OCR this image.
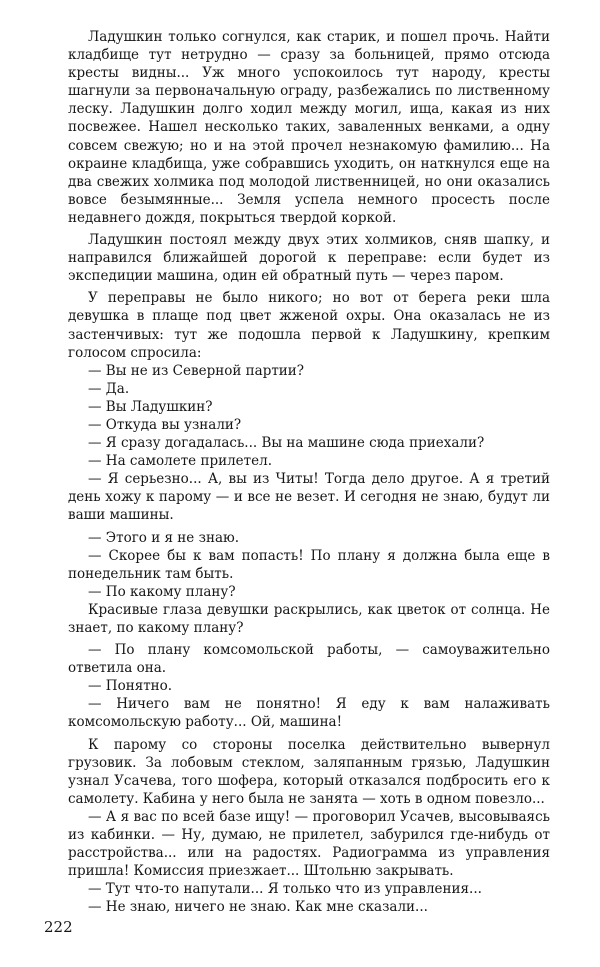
Ладушкин только согнулся, как старик, и пошел прочь. Найти кладбище тут нетрудно — сразу за больницей, прямо отсюда кресты видны... Уж много успокоилось тут народу, кресты шагнули за первоначальную ограду, разбежались по лиственному леску. Ладушкин долго ходил между могил, ища, какая из них посвежее. Нашел несколько таких, заваленных венками, а одну совсем свежую; но и на этой прочел незнакомую фамилию... На окраине кладбища, уже собравшись уходить, он наткнулся еще на два свежих холмика под молодой лиственницей, но они оказались вовсе безымянные... Земля успела немного просесть после недавнего дождя, покрыться твердой коркой.

Ладушкин постоял между двух этих холмиков, сняв шапку, и направился ближайшей дорогой к переправе: если будет из экспедиции машина, один ей обратный путь — через паром.

У переправы не было никого; но вот от берега реки шла девушка в плаще под цвет жженой охры. Она оказалась не из застенчивых: тут же подошла первой к Ладушкину, крепким голосом спросила:

— Вы не из Северной партии?

— Да.

— Вы Ладушкин?

— Откуда вы узнали?

— Я сразу догадалась... Вы на машине сюда приехали?

— На самолете прилетел.

— Я серьезно... А, вы из Читы! Тогда дело другое. А я третий день хожу к парому — и все не везет. И сегодня не знаю, будут ли ваши машины.

— Этого и я не знаю.

— Скорее бы к вам попасть! По плану я должна была еще в понедельник там быть.

— По какому плану?

Красивые глаза девушки раскрылись, как цветок от солнца. Не знает, по какому плану?

— По плану комсомольской работы, — самоуважительно ответила она.

— Понятно.

— Ничего вам не понятно! Я еду к вам налаживать комсомольскую работу... Ой, машина!

К парому со стороны поселка действительно вывернул грузовик. За лобовым стеклом, заляпанным грязью, Ладушкин узнал Усачева, того шофера, который отказался подбросить его к самолету. Кабина у него была не занята — хоть в одном повезло...

— А я вас по всей базе ищу! — проговорил Усачев, высовываясь из кабинки. — Ну, думаю, не прилетел, забурился где-нибудь от расстройства... или на радостях. Радиограмма из управления пришла! Комиссия приезжает... Штольню закрывать.

— Тут что-то напутали... Я только что из управления...

— Не знаю, ничего не знаю. Как мне сказали...

222
